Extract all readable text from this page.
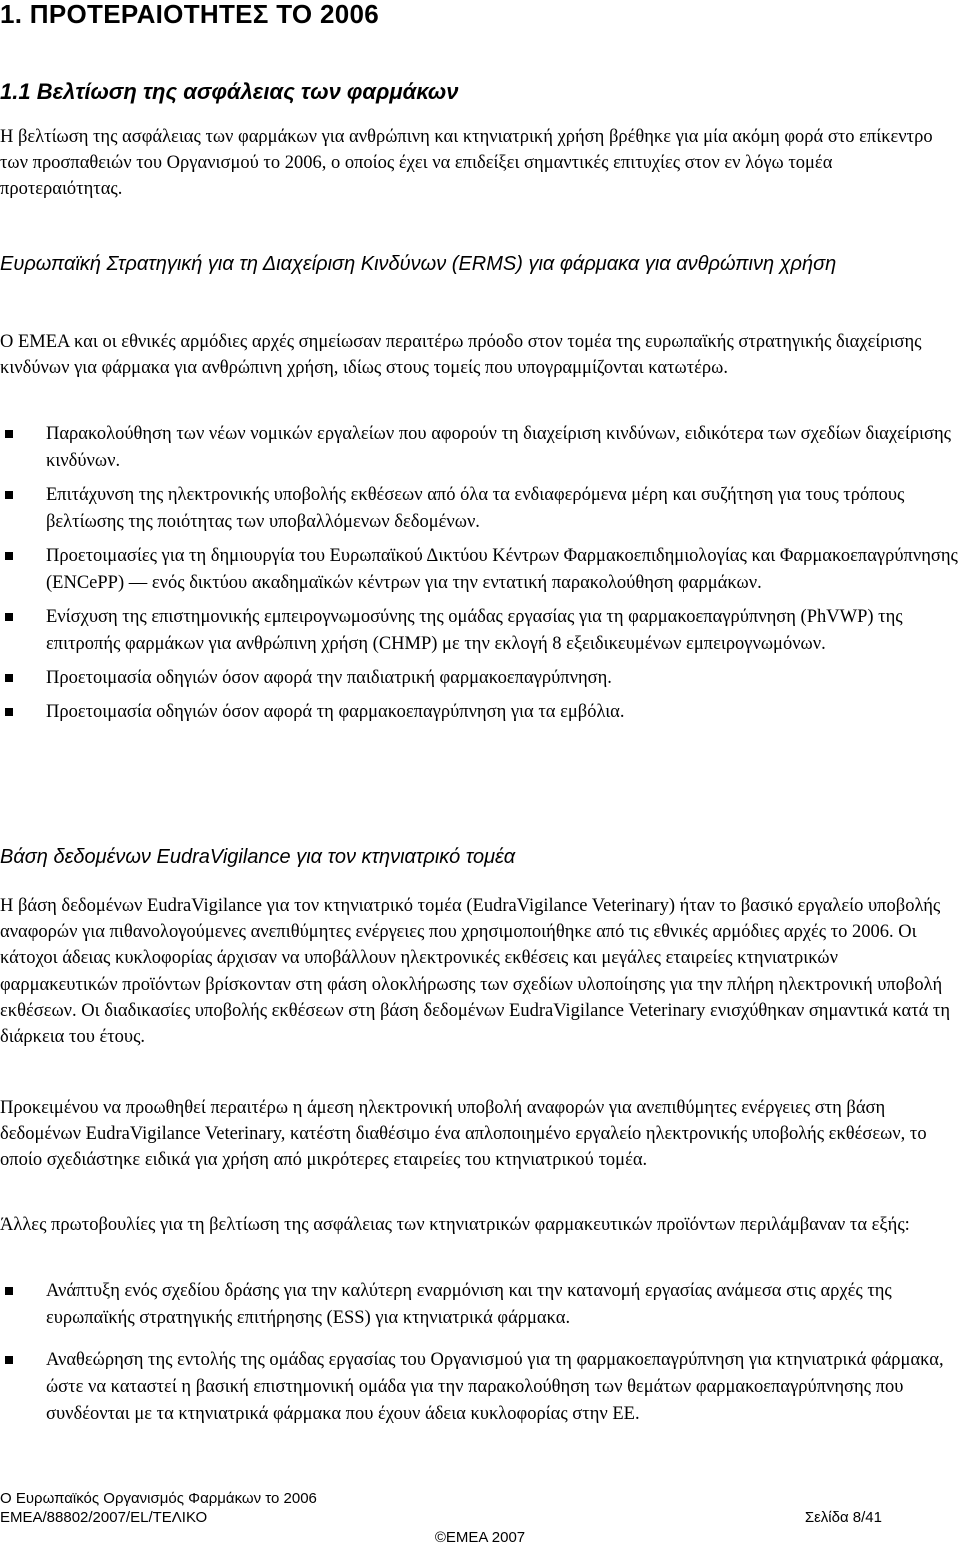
1. ΠΡΟΤΕΡΑΙΟΤΗΤΕΣ ΤΟ 2006
1.1 Βελτίωση της ασφάλειας των φαρμάκων

Η βελτίωση της ασφάλειας των φαρμάκων για ανθρώπινη και κτηνιατρική χρήση βρέθηκε για μία ακόμη φορά στο επίκεντρο των προσπαθειών του Οργανισμού το 2006, ο οποίος έχει να επιδείξει σημαντικές επιτυχίες στον εν λόγω τομέα προτεραιότητας.

Ευρωπαϊκή Στρατηγική για τη Διαχείριση Κινδύνων (ERMS) για φάρμακα για ανθρώπινη χρήση

Ο ΕΜΕΑ και οι εθνικές αρμόδιες αρχές σημείωσαν περαιτέρω πρόοδο στον τομέα της ευρωπαϊκής στρατηγικής διαχείρισης κινδύνων για φάρμακα για ανθρώπινη χρήση, ιδίως στους τομείς που υπογραμμίζονται κατωτέρω.

Παρακολούθηση των νέων νομικών εργαλείων που αφορούν τη διαχείριση κινδύνων, ειδικότερα των σχεδίων διαχείρισης κινδύνων.
Επιτάχυνση της ηλεκτρονικής υποβολής εκθέσεων από όλα τα ενδιαφερόμενα μέρη και συζήτηση για τους τρόπους βελτίωσης της ποιότητας των υποβαλλόμενων δεδομένων.
Προετοιμασίες για τη δημιουργία του Ευρωπαϊκού Δικτύου Κέντρων Φαρμακοεπιδημιολογίας και Φαρμακοεπαγρύπνησης (ENCePP) ― ενός δικτύου ακαδημαϊκών κέντρων για την εντατική παρακολούθηση φαρμάκων.
Ενίσχυση της επιστημονικής εμπειρογνωμοσύνης της ομάδας εργασίας για τη φαρμακοεπαγρύπνηση (PhVWP) της επιτροπής φαρμάκων για ανθρώπινη χρήση (CHMP) με την εκλογή 8 εξειδικευμένων εμπειρογνωμόνων.
Προετοιμασία οδηγιών όσον αφορά την παιδιατρική φαρμακοεπαγρύπνηση.
Προετοιμασία οδηγιών όσον αφορά τη φαρμακοεπαγρύπνηση για τα εμβόλια.
Βάση δεδομένων EudraVigilance για τον κτηνιατρικό τομέα

Η βάση δεδομένων EudraVigilance για τον κτηνιατρικό τομέα (EudraVigilance Veterinary) ήταν το βασικό εργαλείο υποβολής αναφορών για πιθανολογούμενες ανεπιθύμητες ενέργειες που χρησιμοποιήθηκε από τις εθνικές αρμόδιες αρχές το 2006. Οι κάτοχοι άδειας κυκλοφορίας άρχισαν να υποβάλλουν ηλεκτρονικές εκθέσεις και μεγάλες εταιρείες κτηνιατρικών φαρμακευτικών προϊόντων βρίσκονταν στη φάση ολοκλήρωσης των σχεδίων υλοποίησης για την πλήρη ηλεκτρονική υποβολή εκθέσεων. Οι διαδικασίες υποβολής εκθέσεων στη βάση δεδομένων EudraVigilance Veterinary ενισχύθηκαν σημαντικά κατά τη διάρκεια του έτους.

Προκειμένου να προωθηθεί περαιτέρω η άμεση ηλεκτρονική υποβολή αναφορών για ανεπιθύμητες ενέργειες στη βάση δεδομένων EudraVigilance Veterinary, κατέστη διαθέσιμο ένα απλοποιημένο εργαλείο ηλεκτρονικής υποβολής εκθέσεων, το οποίο σχεδιάστηκε ειδικά για χρήση από μικρότερες εταιρείες του κτηνιατρικού τομέα.

Άλλες πρωτοβουλίες για τη βελτίωση της ασφάλειας των κτηνιατρικών φαρμακευτικών προϊόντων περιλάμβαναν τα εξής:

Ανάπτυξη ενός σχεδίου δράσης για την καλύτερη εναρμόνιση και την κατανομή εργασίας ανάμεσα στις αρχές της ευρωπαϊκής στρατηγικής επιτήρησης (ESS) για κτηνιατρικά φάρμακα.
Αναθεώρηση της εντολής της ομάδας εργασίας του Οργανισμού για τη φαρμακοεπαγρύπνηση για κτηνιατρικά φάρμακα, ώστε να καταστεί η βασική επιστημονική ομάδα για την παρακολούθηση των θεμάτων φαρμακοεπαγρύπνησης που συνδέονται με τα κτηνιατρικά φάρμακα που έχουν άδεια κυκλοφορίας στην ΕΕ.
Ο Ευρωπαϊκός Οργανισμός Φαρμάκων το 2006
EMEA/88802/2007/EL/ΤΕΛΙΚΟ	Σελίδα 8/41
©EMEA 2007
